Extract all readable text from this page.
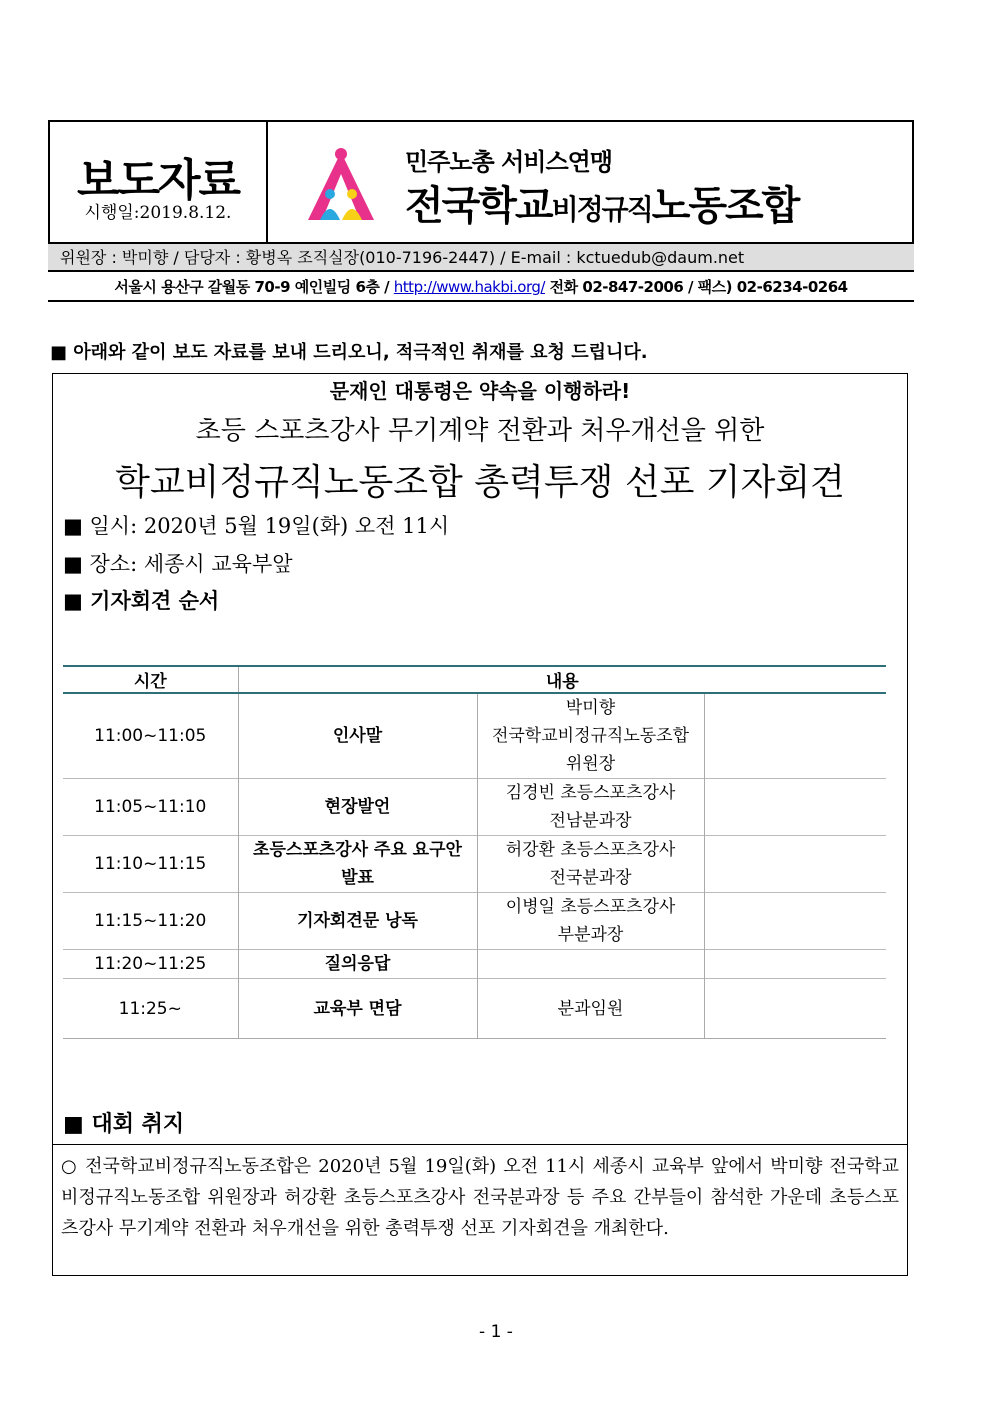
보도자료
시행일:2019.8.12.
민주노총 서비스연맹
전국학교비정규직노동조합
위원장 : 박미향 / 담당자 : 황병옥 조직실장(010-7196-2447) / E-mail : kctuedub@daum.net
서울시 용산구 갈월동 70-9 예인빌딩 6층 / http://www.hakbi.org/ 전화 02-847-2006 / 팩스) 02-6234-0264
■ 아래와 같이 보도 자료를 보내 드리오니, 적극적인 취재를 요청 드립니다.
문재인 대통령은 약속을 이행하라!
초등 스포츠강사 무기계약 전환과 처우개선을 위한
학교비정규직노동조합 총력투쟁 선포 기자회견
■ 일시: 2020년 5월 19일(화) 오전 11시
■ 장소: 세종시 교육부앞
■ 기자회견 순서
시간	내용		
11:00~11:05	인사말	박미향
전국학교비정규직노동조합
위원장	
11:05~11:10	현장발언	김경빈 초등스포츠강사
전남분과장	
11:10~11:15	초등스포츠강사 주요 요구안
발표	허강환 초등스포츠강사
전국분과장	
11:15~11:20	기자회견문 낭독	이병일 초등스포츠강사
부분과장	
11:20~11:25	질의응답		
11:25~	교육부 면담	분과임원	
■ 대회 취지
○ 전국학교비정규직노동조합은 2020년 5월 19일(화) 오전 11시 세종시 교육부 앞에서 박미향 전국학교비정규직노동조합 위원장과 허강환 초등스포츠강사 전국분과장 등 주요 간부들이 참석한 가운데 초등스포츠강사 무기계약 전환과 처우개선을 위한 총력투쟁 선포 기자회견을 개최한다.
- 1 -
